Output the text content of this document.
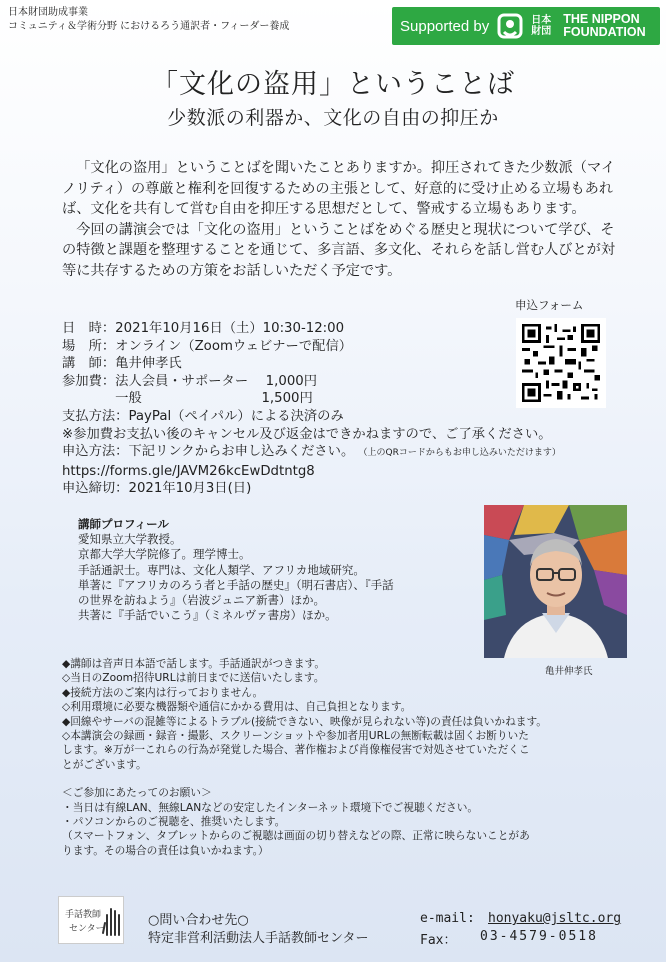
日本財団助成事業
コミュニティ＆学術分野 におけるろう通訳者・フィーダー養成	Supported by	日本財団
THE NIPPON
FOUNDATION
「文化の盗用」ということば
少数派の利器か、文化の自由の抑圧か

「文化の盗用」ということばを聞いたことありますか。抑圧されてきた少数派（マイノリティ）の尊厳と権利を回復するための主張として、好意的に受け止める立場もあれば、文化を共有して営む自由を抑圧する思想だとして、警戒する立場もあります。

今回の講演会では「文化の盗用」ということばをめぐる歴史と現状について学び、その特徴と課題を整理することを通じて、多言語、多文化、それらを話し営む人びとが対等に共存するための方策をお話しいただく予定です。

申込フォーム
日　時：2021年10月16日（土）10:30-12:00
場　所：オンライン（Zoomウェビナーで配信）
講　師：亀井伸孝氏
参加費：法人会員・サポーター　 1,000円
　　　　一般　　　　　　　　　1,500円
支払方法：PayPal（ペイパル）による決済のみ
※参加費お支払い後のキャンセル及び返金はできかねますので、ご了承ください。
申込方法：下記リンクからお申し込みください。 （上のQRコードからもお申し込みいただけます）
https://forms.gle/JAVM26kcEwDdtntg8
申込締切：2021年10月3日(日)
講師プロフィール
愛知県立大学教授。
京都大学大学院修了。理学博士。
手話通訳士。専門は、文化人類学、アフリカ地域研究。
単著に『アフリカのろう者と手話の歴史』（明石書店）、『手話
の世界を訪ねよう』（岩波ジュニア新書）ほか。
共著に『手話でいこう』（ミネルヴァ書房）ほか。
亀井伸孝氏
◆講師は音声日本語で話します。手話通訳がつきます。
◇当日のZoom招待URLは前日までに送信いたします。
◆接続方法のご案内は行っておりません。
◇利用環境に必要な機器類や通信にかかる費用は、自己負担となります。
◆回線やサーバの混雑等によるトラブル(接続できない、映像が見られない等)の責任は負いかねます。
◇本講演会の録画・録音・撮影、スクリーンショットや参加者用URLの無断転載は固くお断りいた
します。※万が一これらの行為が発覚した場合、著作権および肖像権侵害で対処させていただくこ
とがございます。
＜ご参加にあたってのお願い＞
・当日は有線LAN、無線LANなどの安定したインターネット環境下でご視聴ください。
・パソコンからのご視聴を、推奨いたします。
（スマートフォン、タブレットからのご視聴は画面の切り替えなどの際、正常に映らないことがあ
ります。その場合の責任は負いかねます。）
手話教師
センター
○問い合わせ先○
特定非営利活動法人手話教師センター
e-mail: honyaku@jsltc.org
Fax： 03-4579-0518
